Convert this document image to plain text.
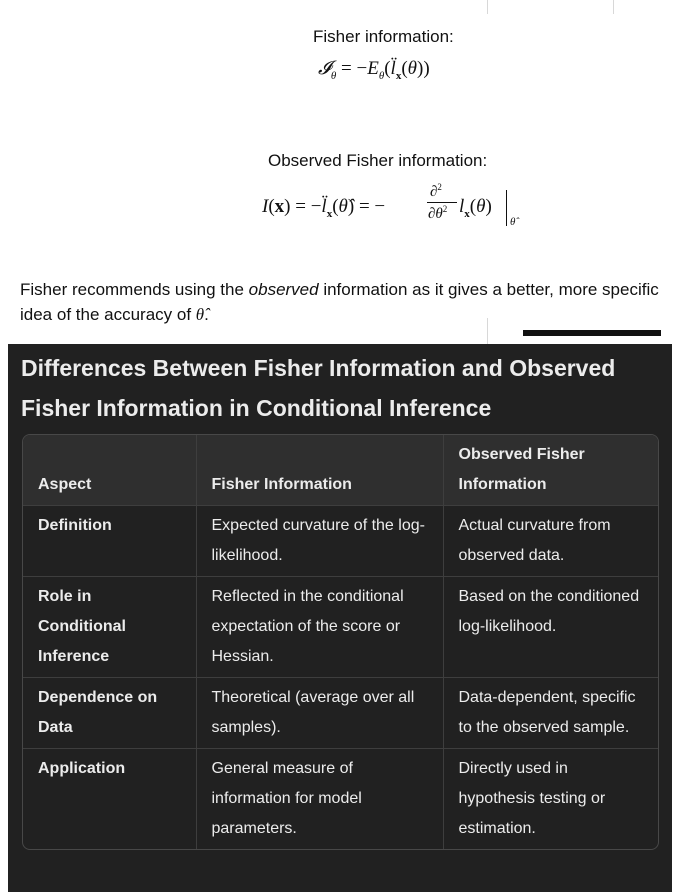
Fisher information:
𝓘$_\theta$ = $-E_\theta(l̈_x(\theta))$
Observed Fisher information:
$I(x) = -l̈_x(\thetâ)$ = −
∂$^2$
$\partial\theta^2$ $l_x(\theta)$
θ̂
Fisher recommends using the observed information as it gives a better, more specific idea of the accuracy of θ̂.
Differences Between Fisher Information and Observed Fisher Information in Conditional Inference
Aspect	Fisher Information	Observed Fisher Information
Definition	Expected curvature of the log-likelihood.	Actual curvature from observed data.
Role in Conditional Inference	Reflected in the conditional expectation of the score or Hessian.	Based on the conditioned log-likelihood.
Dependence on Data	Theoretical (average over all samples).	Data-dependent, specific to the observed sample.
Application	General measure of information for model parameters.	Directly used in hypothesis testing or estimation.
